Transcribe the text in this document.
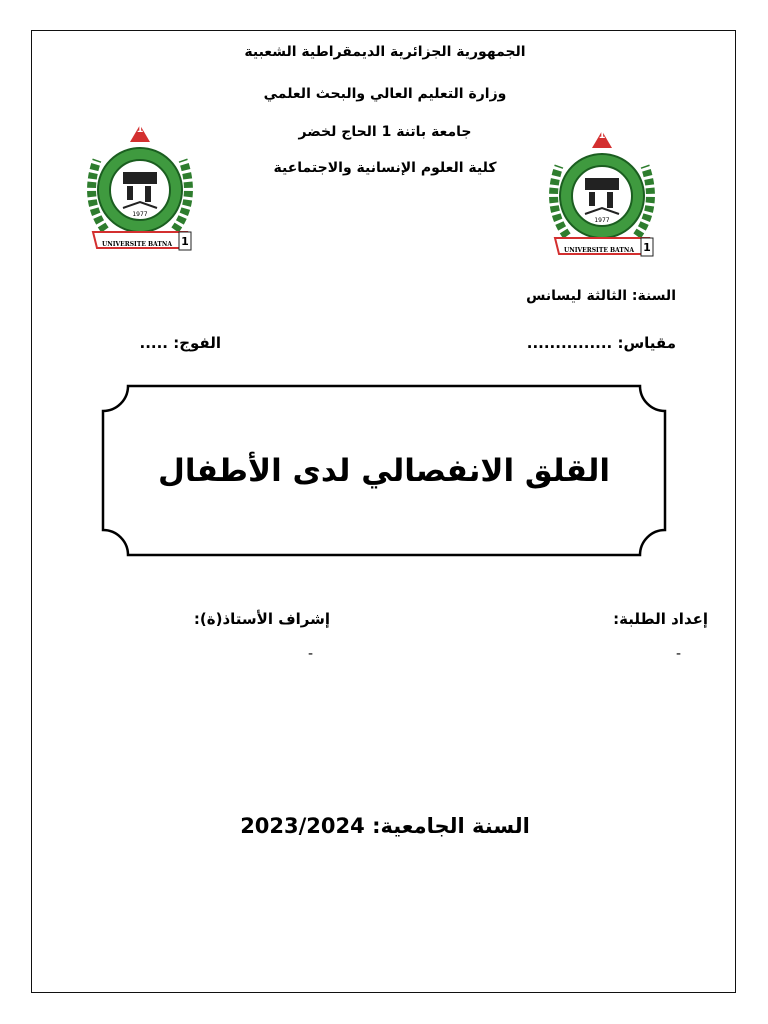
الجمهورية الجزائرية الديمقراطية الشعبية
وزارة التعليم العالي والبحث العلمي
جامعة باتنة 1 الحاج لخضر
كلية العلوم الإنسانية والاجتماعية
1977
1
1
UNIVERSITE BATNA
1977
1
1
UNIVERSITE BATNA
السنة: الثالثة ليسانس
مقياس: ...............
الفوج: .....
القلق الانفصالي لدى الأطفال
إعداد الطلبة:
-
إشراف الأستاذ(ة):
-
السنة الجامعية: 2023/2024
